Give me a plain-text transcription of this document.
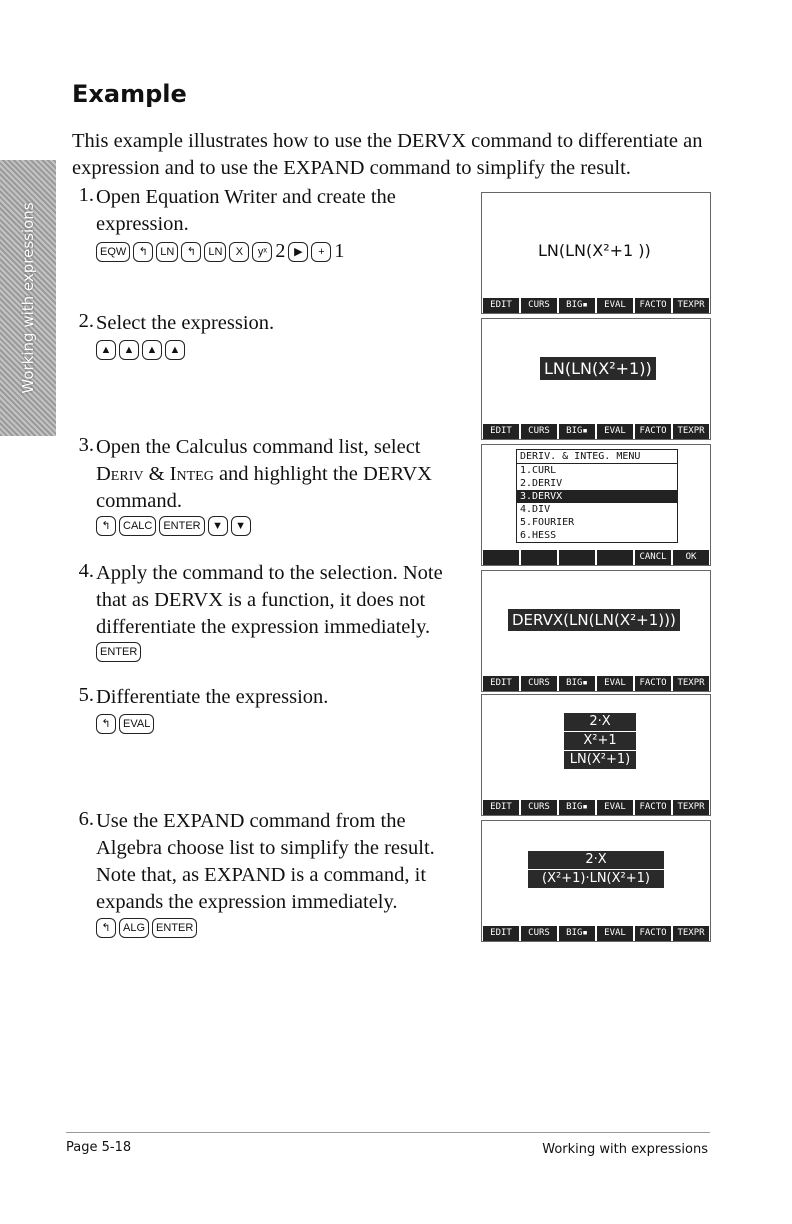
Example

This example illustrates how to use the DERVX command to differentiate an expression and to use the EXPAND command to simplify the result.

Working with expressions
1. Open Equation Writer and create the expression.
EQW	↰	LN	↰	LN	X	yˣ 2 ▶	+ 1
2. Select the expression.
▲	▲	▲	▲
3. Open the Calculus command list, select Deriv & Integ and highlight the DERVX command.
↰	CALC	ENTER	▼	▼
4. Apply the command to the selection. Note that as DERVX is a function, it does not differentiate the expression immediately.
ENTER
5. Differentiate the expression.
↰	EVAL
6. Use the EXPAND command from the Algebra choose list to simplify the result. Note that, as EXPAND is a command, it expands the expression immediately.
↰	ALG	ENTER
LN(LN(X²+1 ))
EDIT	CURS	BIG▪	EVAL	FACTO	TEXPR
LN(LN(X²+1))
EDIT	CURS	BIG▪	EVAL	FACTO	TEXPR
DERIV. & INTEG. MENU
1.CURL
2.DERIV
3.DERVX
4.DIV
5.FOURIER
6.HESS
CANCL	OK
DERVX(LN(LN(X²+1)))
EDIT	CURS	BIG▪	EVAL	FACTO	TEXPR
2·X
X²+1
LN(X²+1)
EDIT	CURS	BIG▪	EVAL	FACTO	TEXPR
$\frac{2\cdot X}{\text{(X²+1)·LN(X²+1)}}$
EDIT	CURS	BIG▪	EVAL	FACTO	TEXPR
Page 5-18	Working with expressions
